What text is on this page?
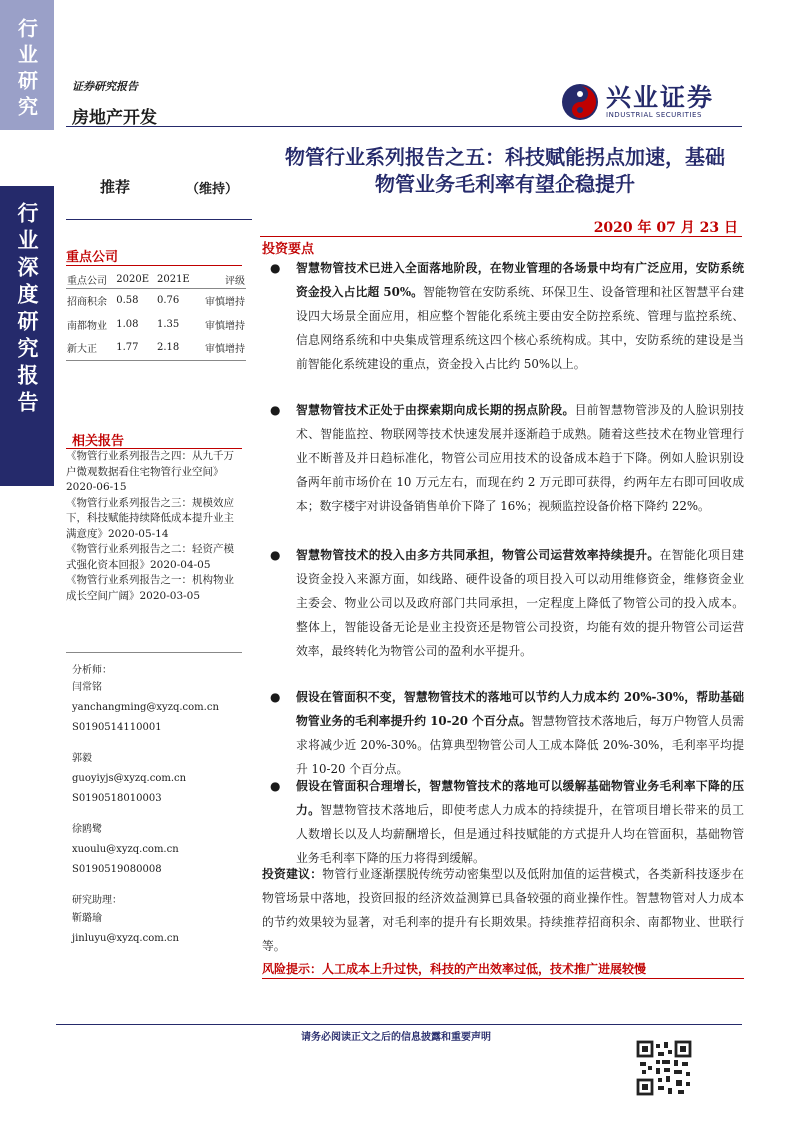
行业研究
行业深度研究报告
证券研究报告
房地产开发
兴业证券
INDUSTRIAL SECURITIES
推荐	（维持）
物管行业系列报告之五：科技赋能拐点加速，基础
物管业务毛利率有望企稳提升
2020 年 07 月 23 日
重点公司
重点公司	2020E	2021E	评级
招商积余	0.58	0.76	审慎增持
南都物业	1.08	1.35	审慎增持
新大正	1.77	2.18	审慎增持
相关报告

《物管行业系列报告之四：从九千万户微观数据看住宅物管行业空间》2020-06-15

《物管行业系列报告之三：规模效应下，科技赋能持续降低成本提升业主满意度》2020-05-14

《物管行业系列报告之二：轻资产模式强化资本回报》2020-04-05

《物管行业系列报告之一：机构物业成长空间广阔》2020-03-05

分析师：
闫常铭
yanchangming@xyzq.com.cn
S0190514110001
郭毅
guoyiyjs@xyzq.com.cn
S0190518010003
徐鸥鹭
xuoulu@xyzq.com.cn
S0190519080008
研究助理：
靳璐瑜
jinluyu@xyzq.com.cn
投资要点
● 智慧物管技术已进入全面落地阶段，在物业管理的各场景中均有广泛应用，安防系统资金投入占比超 50%。智能物管在安防系统、环保卫生、设备管理和社区智慧平台建设四大场景全面应用，相应整个智能化系统主要由安全防控系统、管理与监控系统、信息网络系统和中央集成管理系统这四个核心系统构成。其中，安防系统的建设是当前智能化系统建设的重点，资金投入占比约 50%以上。
● 智慧物管技术正处于由探索期向成长期的拐点阶段。目前智慧物管涉及的人脸识别技术、智能监控、物联网等技术快速发展并逐渐趋于成熟。随着这些技术在物业管理行业不断普及并日趋标准化，物管公司应用技术的设备成本趋于下降。例如人脸识别设备两年前市场价在 10 万元左右，而现在约 2 万元即可获得，约两年左右即可回收成本；数字楼宇对讲设备销售单价下降了 16%；视频监控设备价格下降约 22%。
● 智慧物管技术的投入由多方共同承担，物管公司运营效率持续提升。在智能化项目建设资金投入来源方面，如线路、硬件设备的项目投入可以动用维修资金，维修资金业主委会、物业公司以及政府部门共同承担，一定程度上降低了物管公司的投入成本。整体上，智能设备无论是业主投资还是物管公司投资，均能有效的提升物管公司运营效率，最终转化为物管公司的盈利水平提升。
● 假设在管面积不变，智慧物管技术的落地可以节约人力成本约 20%-30%，帮助基础物管业务的毛利率提升约 10-20 个百分点。智慧物管技术落地后，每万户物管人员需求将减少近 20%-30%。估算典型物管公司人工成本降低 20%-30%，毛利率平均提升 10-20 个百分点。
● 假设在管面积合理增长，智慧物管技术的落地可以缓解基础物管业务毛利率下降的压力。智慧物管技术落地后，即使考虑人力成本的持续提升，在管项目增长带来的员工人数增长以及人均薪酬增长，但是通过科技赋能的方式提升人均在管面积，基础物管业务毛利率下降的压力将得到缓解。
投资建议：物管行业逐渐摆脱传统劳动密集型以及低附加值的运营模式，各类新科技逐步在物管场景中落地，投资回报的经济效益测算已具备较强的商业操作性。智慧物管对人力成本的节约效果较为显著，对毛利率的提升有长期效果。持续推荐招商积余、南都物业、世联行等。
风险提示：人工成本上升过快，科技的产出效率过低，技术推广进展较慢
请务必阅读正文之后的信息披露和重要声明
